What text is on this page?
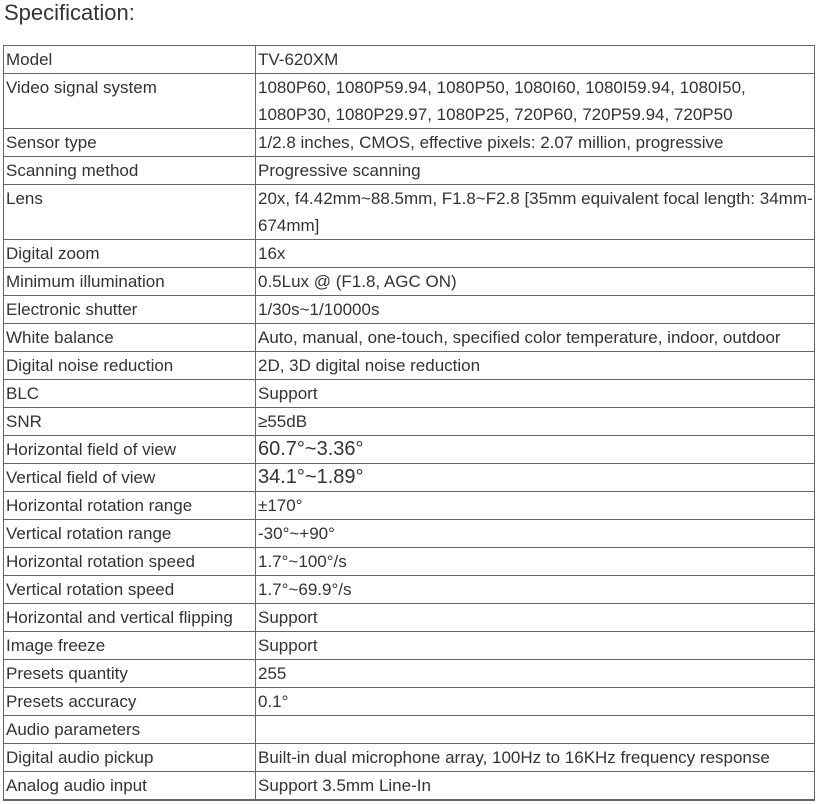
Specification:
Model	TV-620XM
Video signal system	1080P60, 1080P59.94, 1080P50, 1080I60, 1080I59.94, 1080I50, 1080P30, 1080P29.97, 1080P25, 720P60, 720P59.94, 720P50
Sensor type	1/2.8 inches, CMOS, effective pixels: 2.07 million, progressive
Scanning method	Progressive scanning
Lens	20x, f4.42mm~88.5mm, F1.8~F2.8 [35mm equivalent focal length: 34mm-674mm]
Digital zoom	16x
Minimum illumination	0.5Lux @ (F1.8, AGC ON)
Electronic shutter	1/30s~1/10000s
White balance	Auto, manual, one-touch, specified color temperature, indoor, outdoor
Digital noise reduction	2D, 3D digital noise reduction
BLC	Support
SNR	≥55dB
Horizontal field of view	60.7°~3.36°
Vertical field of view	34.1°~1.89°
Horizontal rotation range	±170°
Vertical rotation range	-30°~+90°
Horizontal rotation speed	1.7°~100°/s
Vertical rotation speed	1.7°~69.9°/s
Horizontal and vertical flipping	Support
Image freeze	Support
Presets quantity	255
Presets accuracy	0.1°
Audio parameters	
Digital audio pickup	Built-in dual microphone array, 100Hz to 16KHz frequency response
Analog audio input	Support 3.5mm Line-In
